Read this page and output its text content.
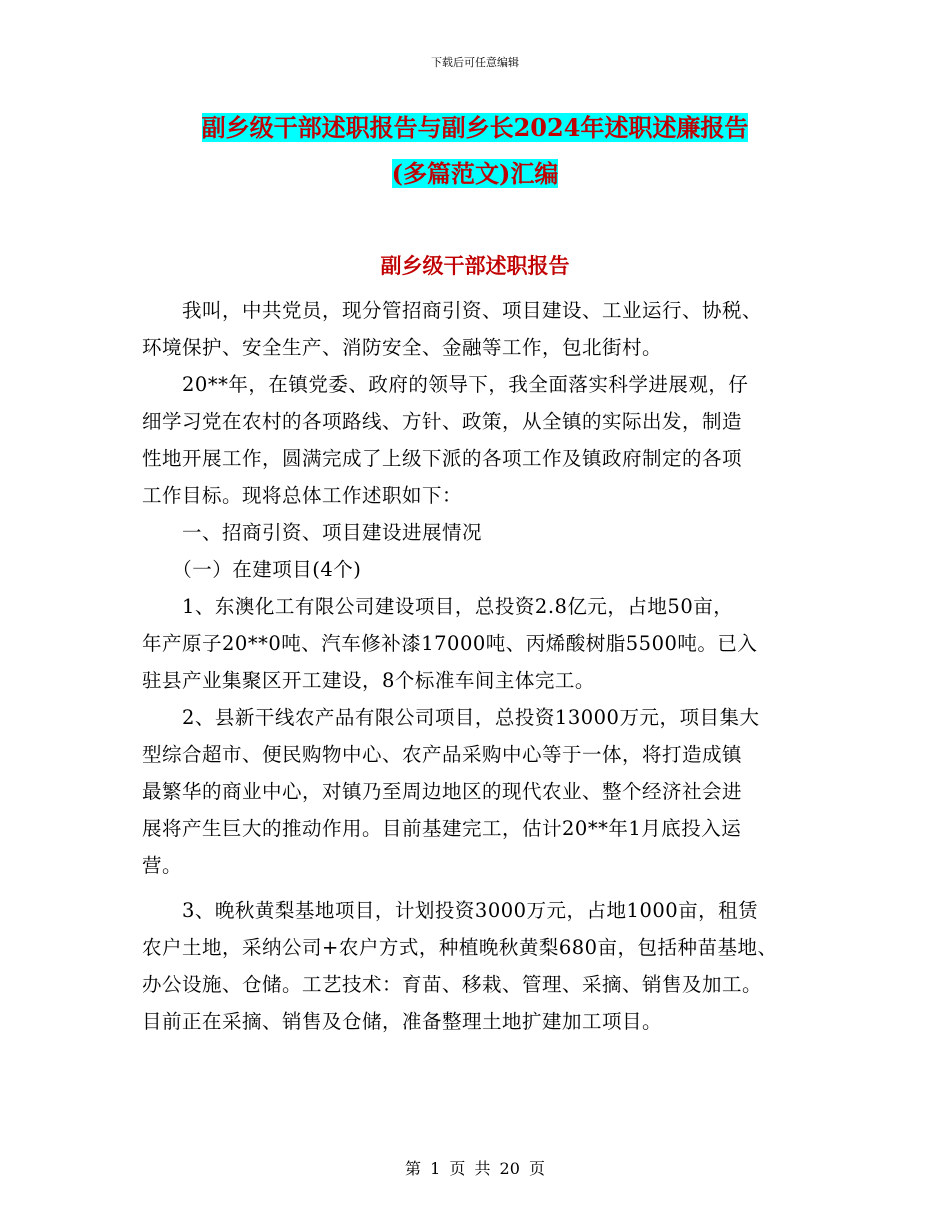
下载后可任意编辑
副乡级干部述职报告与副乡长2024年述职述廉报告
(多篇范文)汇编
副乡级干部述职报告
　　我叫，中共党员，现分管招商引资、项目建设、工业运行、协税、
环境保护、安全生产、消防安全、金融等工作，包北街村。
　　20**年，在镇党委、政府的领导下，我全面落实科学进展观，仔
细学习党在农村的各项路线、方针、政策，从全镇的实际出发，制造
性地开展工作，圆满完成了上级下派的各项工作及镇政府制定的各项
工作目标。现将总体工作述职如下：
　　一、招商引资、项目建设进展情况
　　（一）在建项目(4个)
　　1、东澳化工有限公司建设项目，总投资2.8亿元，占地50亩，
年产原子20**0吨、汽车修补漆17000吨、丙烯酸树脂5500吨。已入
驻县产业集聚区开工建设，8个标准车间主体完工。
　　2、县新干线农产品有限公司项目，总投资13000万元，项目集大
型综合超市、便民购物中心、农产品采购中心等于一体，将打造成镇
最繁华的商业中心，对镇乃至周边地区的现代农业、整个经济社会进
展将产生巨大的推动作用。目前基建完工，估计20**年1月底投入运
营。
　　3、晚秋黄梨基地项目，计划投资3000万元，占地1000亩，租赁
农户土地，采纳公司+农户方式，种植晚秋黄梨680亩，包括种苗基地、
办公设施、仓储。工艺技术：育苗、移栽、管理、采摘、销售及加工。
目前正在采摘、销售及仓储，准备整理土地扩建加工项目。
第 1 页 共 20 页
